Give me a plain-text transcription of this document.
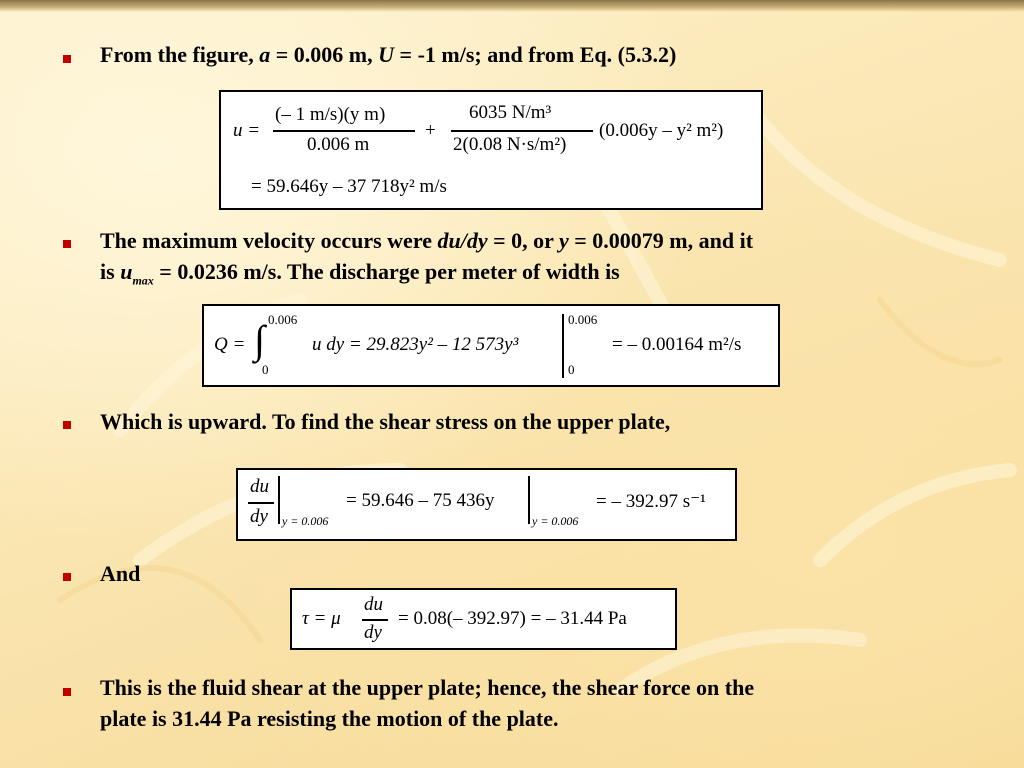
From the figure, a = 0.006 m, U = -1 m/s; and from Eq. (5.3.2)
u =
(– 1 m/s)(y m)
0.006 m
+
6035 N/m³
2(0.08 N·s/m²)
(0.006y – y² m²)
= 59.646y – 37 718y² m/s
The maximum velocity occurs were du/dy = 0, or y = 0.00079 m, and it
is $u_{max} = 0.0236$ m/s. The discharge per meter of width is
Q = ∫ 0.006
0
u dy = 29.823y² – 12 573y³
0.006
0
= – 0.00164 m²/s
Which is upward. To find the shear stress on the upper plate,
du
dy y = 0.006
= 59.646 – 75 436y
y = 0.006
= – 392.97 s⁻¹
And
τ = μ
du
dy
= 0.08(– 392.97) = – 31.44 Pa
This is the fluid shear at the upper plate; hence, the shear force on the
plate is 31.44 Pa resisting the motion of the plate.
